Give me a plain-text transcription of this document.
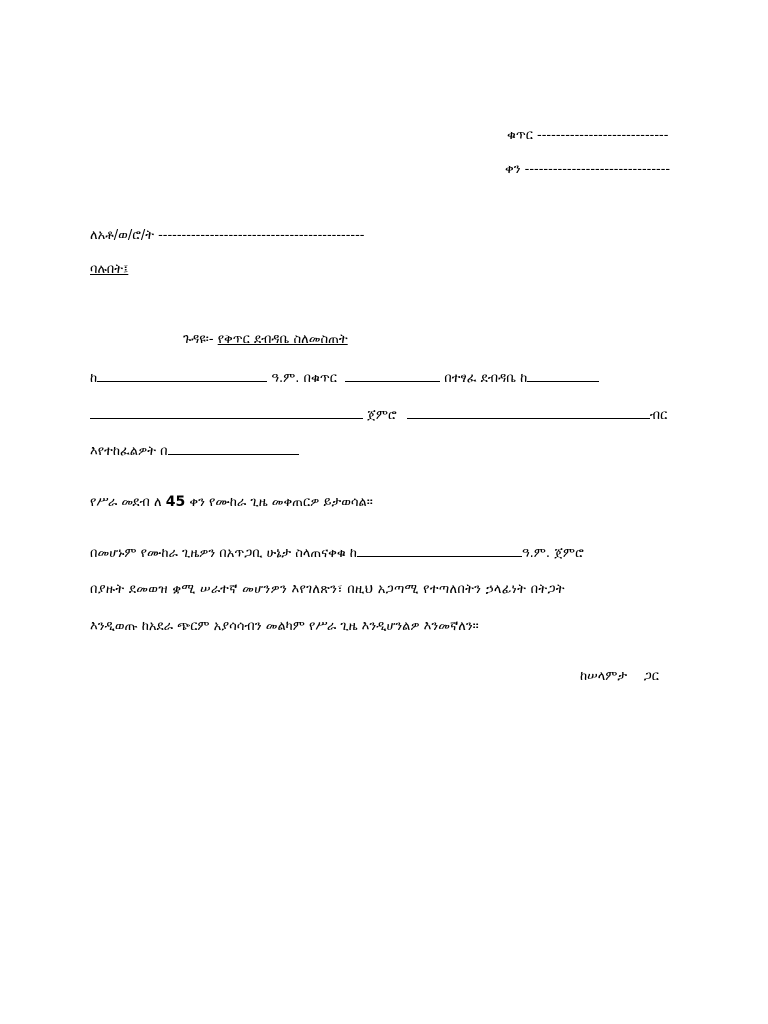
ቁጥር ----------------------------
ቀን -------------------------------
ለአቶ/ወ/ሮ/ት --------------------------------------------
ባሉበት፤
ጉዳዩ፡- የቅጥር ደብዳቤ ስለመስጠት
ከ	ዓ.ም. በቁጥር	በተፃፈ ደብዳቤ ከ
ጀምሮ	ብር
እየተከፈልዎት በ
የሥራ መደብ ለ 45 ቀን የሙከራ ጊዜ መቀጠርዎ ይታወሳል።
በመሆኑም የሙከራ ጊዜዎን በአጥጋቢ ሁኔታ ስላጠናቀቁ ከ	ዓ.ም. ጀምሮ
በያዙት ደመወዝ ቋሚ ሠራተኛ መሆንዎን እየገለጽን፣ በዚህ አጋጣሚ የተጣለበትን ኃላፊነት በትጋት
እንዲወጡ ከአደራ ጭርም አያሳሳብን መልካም የሥራ ጊዜ እንዲሆንልዎ እንመኛለን።
ከሠላምታ    ጋር
